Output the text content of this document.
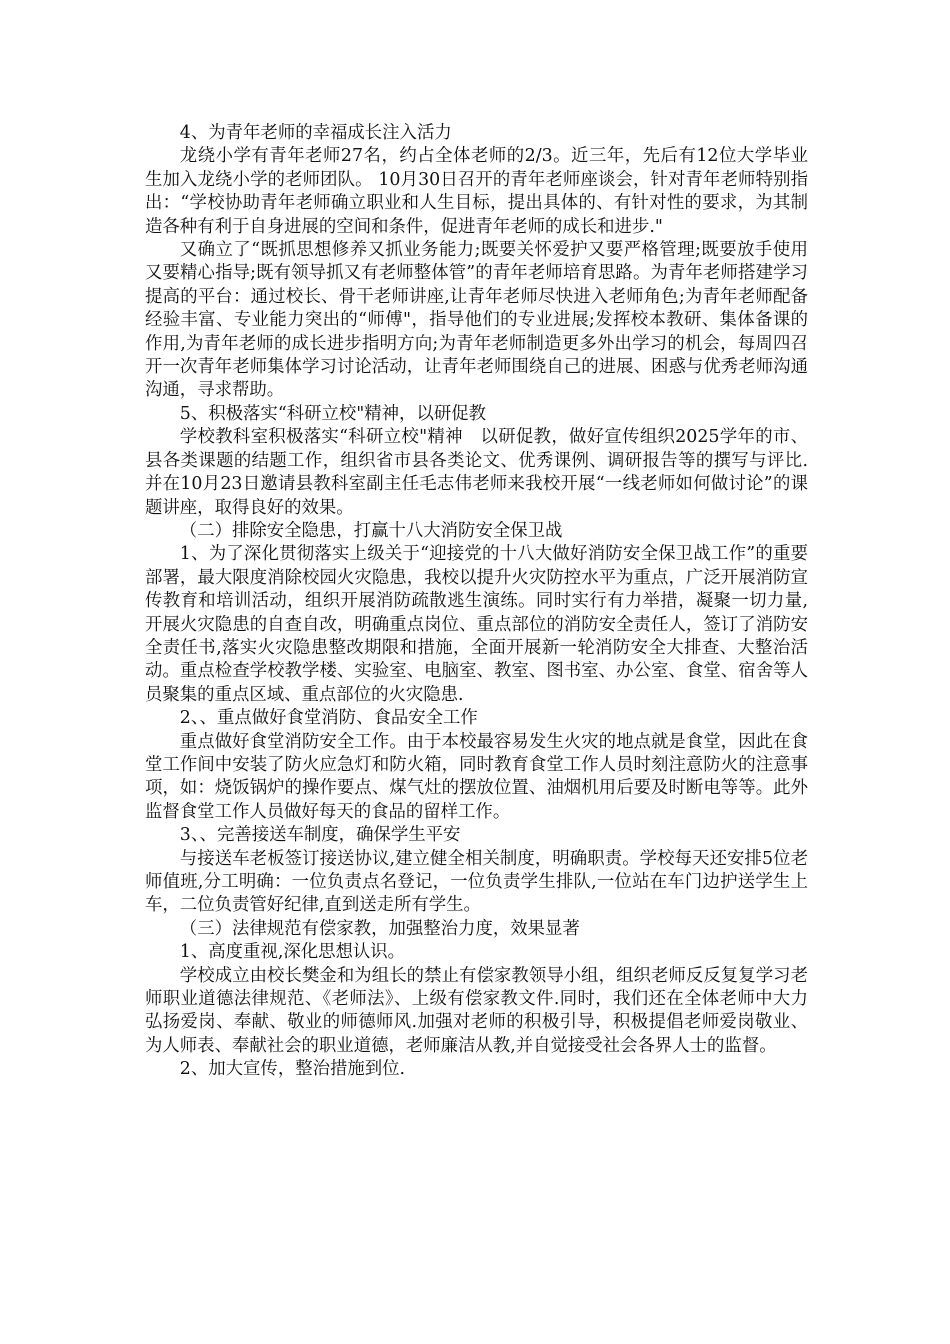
4、为青年老师的幸福成长注入活力

龙绕小学有青年老师27名，约占全体老师的2/3。近三年，先后有12位大学毕业生加入龙绕小学的老师团队。 10月30日召开的青年老师座谈会，针对青年老师特别指出：“学校协助青年老师确立职业和人生目标，提出具体的、有针对性的要求，为其制造各种有利于自身进展的空间和条件，促进青年老师的成长和进步."

又确立了“既抓思想修养又抓业务能力;既要关怀爱护又要严格管理;既要放手使用又要精心指导;既有领导抓又有老师整体管”的青年老师培育思路。为青年老师搭建学习提高的平台：通过校长、骨干老师讲座,让青年老师尽快进入老师角色;为青年老师配备经验丰富、专业能力突出的“师傅"，指导他们的专业进展;发挥校本教研、集体备课的作用,为青年老师的成长进步指明方向;为青年老师制造更多外出学习的机会，每周四召开一次青年老师集体学习讨论活动，让青年老师围绕自己的进展、困惑与优秀老师沟通沟通，寻求帮助。

5、积极落实“科研立校"精神，以研促教

学校教科室积极落实“科研立校"精神　以研促教，做好宣传组织2025学年的市、县各类课题的结题工作，组织省市县各类论文、优秀课例、调研报告等的撰写与评比.并在10月23日邀请县教科室副主任毛志伟老师来我校开展“一线老师如何做讨论”的课题讲座，取得良好的效果。

（二）排除安全隐患，打赢十八大消防安全保卫战

1、为了深化贯彻落实上级关于“迎接党的十八大做好消防安全保卫战工作”的重要部署，最大限度消除校园火灾隐患，我校以提升火灾防控水平为重点，广泛开展消防宣传教育和培训活动，组织开展消防疏散逃生演练。同时实行有力举措，凝聚一切力量,开展火灾隐患的自查自改，明确重点岗位、重点部位的消防安全责任人，签订了消防安全责任书,落实火灾隐患整改期限和措施，全面开展新一轮消防安全大排查、大整治活动。重点检查学校教学楼、实验室、电脑室、教室、图书室、办公室、食堂、宿舍等人员聚集的重点区域、重点部位的火灾隐患.

2、、重点做好食堂消防、食品安全工作

重点做好食堂消防安全工作。由于本校最容易发生火灾的地点就是食堂，因此在食堂工作间中安装了防火应急灯和防火箱，同时教育食堂工作人员时刻注意防火的注意事项，如：烧饭锅炉的操作要点、煤气灶的摆放位置、油烟机用后要及时断电等等。此外监督食堂工作人员做好每天的食品的留样工作。

3、、完善接送车制度，确保学生平安

与接送车老板签订接送协议,建立健全相关制度，明确职责。学校每天还安排5位老师值班,分工明确：一位负责点名登记，一位负责学生排队,一位站在车门边护送学生上车，二位负责管好纪律,直到送走所有学生。

（三）法律规范有偿家教，加强整治力度，效果显著

1、高度重视,深化思想认识。

学校成立由校长樊金和为组长的禁止有偿家教领导小组，组织老师反反复复学习老师职业道德法律规范、《老师法》、上级有偿家教文件.同时，我们还在全体老师中大力弘扬爱岗、奉献、敬业的师德师风.加强对老师的积极引导，积极提倡老师爱岗敬业、为人师表、奉献社会的职业道德，老师廉洁从教,并自觉接受社会各界人士的监督。

2、加大宣传，整治措施到位.
